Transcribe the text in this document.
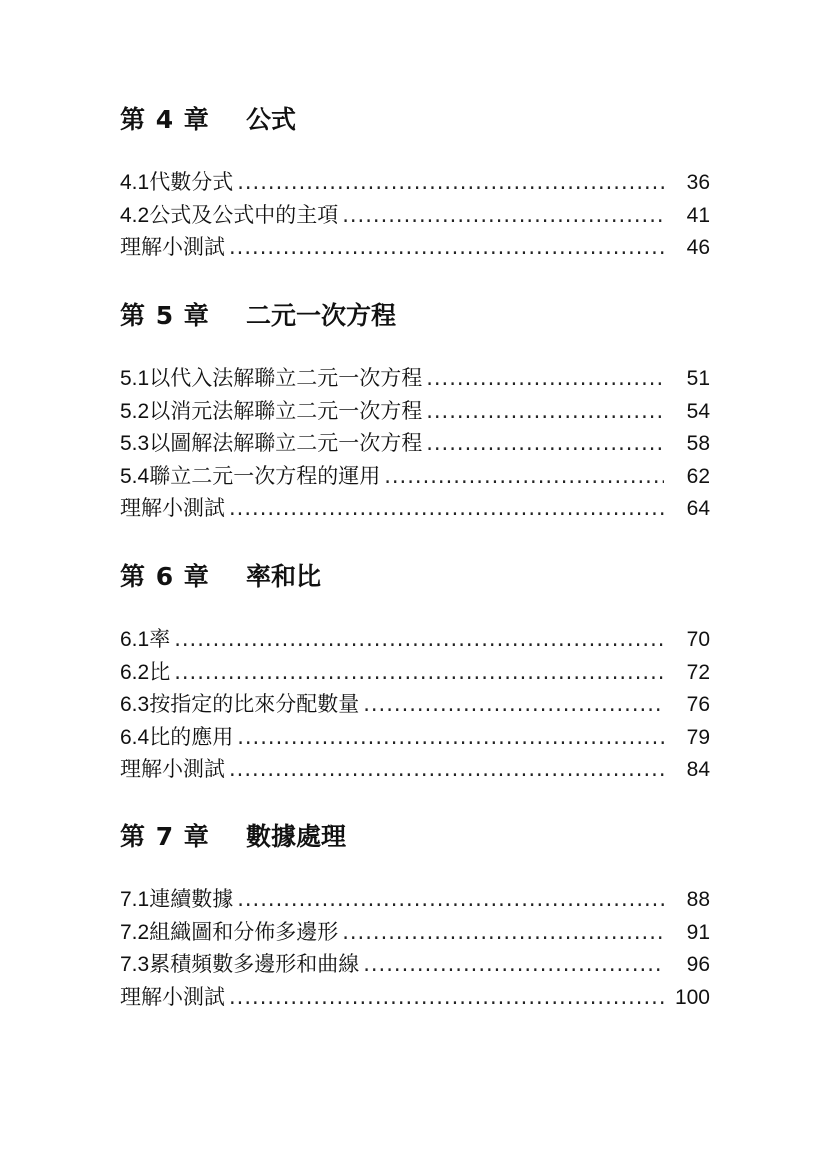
第 4 章	公式
4.1 代數分式 .....	36
4.2 公式及公式中的主項 .....	41
理解小測試 .....	46
第 5 章	二元一次方程
5.1 以代入法解聯立二元一次方程 .....	51
5.2 以消元法解聯立二元一次方程 .....	54
5.3 以圖解法解聯立二元一次方程 .....	58
5.4 聯立二元一次方程的運用 .....	62
理解小測試 .....	64
第 6 章	率和比
6.1 率 .....	70
6.2 比 .....	72
6.3 按指定的比來分配數量 .....	76
6.4 比的應用 .....	79
理解小測試 .....	84
第 7 章	數據處理
7.1 連續數據 .....	88
7.2 組織圖和分佈多邊形 .....	91
7.3 累積頻數多邊形和曲線 .....	96
理解小測試 .....	100
